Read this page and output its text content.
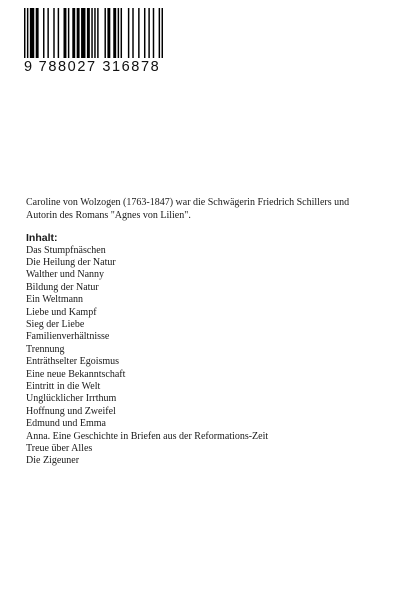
9 788027 316878

Caroline von Wolzogen (1763-1847) war die Schwägerin Friedrich Schillers und Autorin des Romans "Agnes von Lilien".

Inhalt:

Das Stumpfnäschen
Die Heilung der Natur
Walther und Nanny
Bildung der Natur
Ein Weltmann
Liebe und Kampf
Sieg der Liebe
Familienverhältnisse
Trennung
Enträthselter Egoismus
Eine neue Bekanntschaft
Eintritt in die Welt
Unglücklicher Irrthum
Hoffnung und Zweifel
Edmund und Emma
Anna. Eine Geschichte in Briefen aus der Reformations-Zeit
Treue über Alles
Die Zigeuner
